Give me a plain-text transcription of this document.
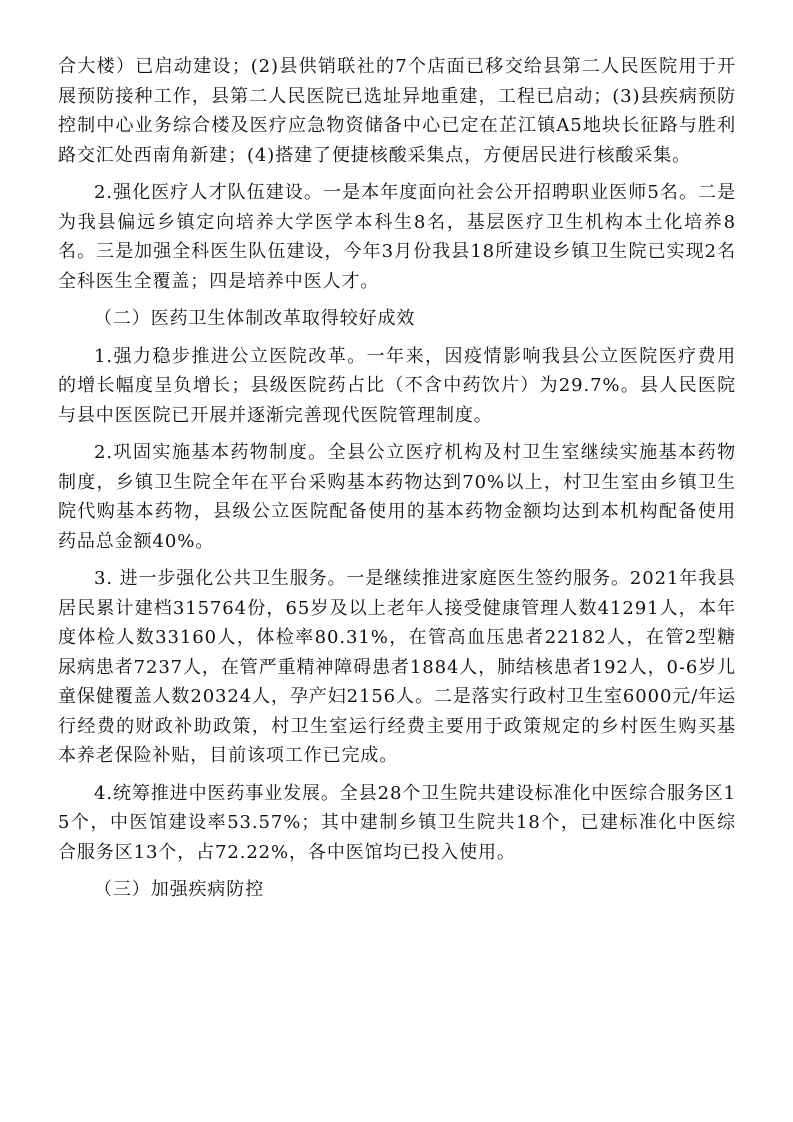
合大楼）已启动建设；(2)县供销联社的7个店面已移交给县第二人民医院用于开展预防接种工作，县第二人民医院已选址异地重建，工程已启动；(3)县疾病预防控制中心业务综合楼及医疗应急物资储备中心已定在芷江镇A5地块长征路与胜利路交汇处西南角新建；(4)搭建了便捷核酸采集点，方便居民进行核酸采集。

2.强化医疗人才队伍建设。一是本年度面向社会公开招聘职业医师5名。二是为我县偏远乡镇定向培养大学医学本科生8名，基层医疗卫生机构本土化培养8名。三是加强全科医生队伍建设，今年3月份我县18所建设乡镇卫生院已实现2名全科医生全覆盖；四是培养中医人才。

（二）医药卫生体制改革取得较好成效

1.强力稳步推进公立医院改革。一年来，因疫情影响我县公立医院医疗费用的增长幅度呈负增长；县级医院药占比（不含中药饮片）为29.7%。县人民医院与县中医医院已开展并逐渐完善现代医院管理制度。

2.巩固实施基本药物制度。全县公立医疗机构及村卫生室继续实施基本药物制度，乡镇卫生院全年在平台采购基本药物达到70%以上，村卫生室由乡镇卫生院代购基本药物，县级公立医院配备使用的基本药物金额均达到本机构配备使用药品总金额40%。

3. 进一步强化公共卫生服务。一是继续推进家庭医生签约服务。2021年我县居民累计建档315764份，65岁及以上老年人接受健康管理人数41291人，本年度体检人数33160人，体检率80.31%，在管高血压患者22182人，在管2型糖尿病患者7237人，在管严重精神障碍患者1884人，肺结核患者192人，0-6岁儿童保健覆盖人数20324人，孕产妇2156人。二是落实行政村卫生室6000元/年运行经费的财政补助政策，村卫生室运行经费主要用于政策规定的乡村医生购买基本养老保险补贴，目前该项工作已完成。

4.统筹推进中医药事业发展。全县28个卫生院共建设标准化中医综合服务区15个，中医馆建设率53.57%；其中建制乡镇卫生院共18个，已建标准化中医综合服务区13个，占72.22%，各中医馆均已投入使用。

（三）加强疾病防控
